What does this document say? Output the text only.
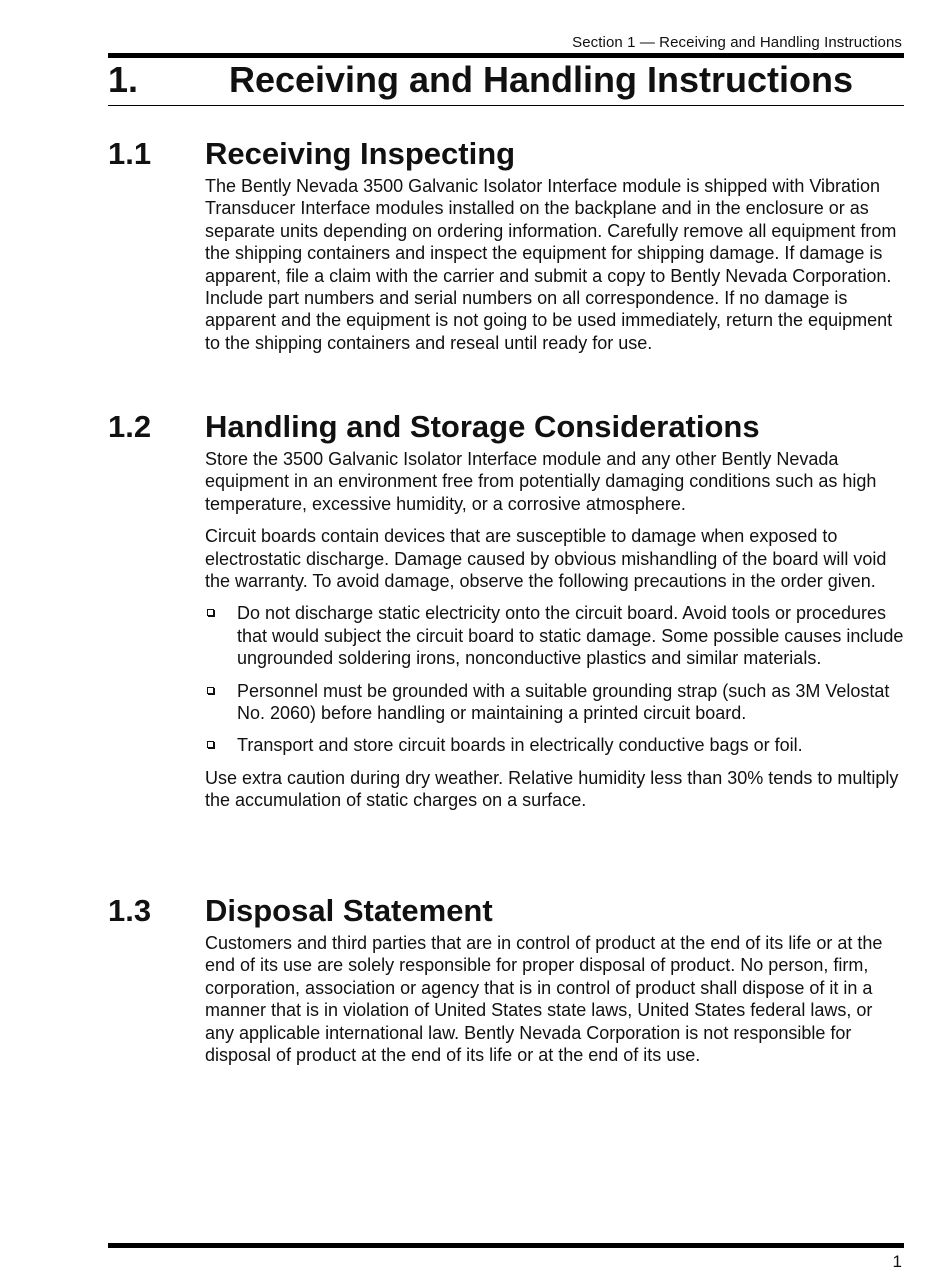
Section 1 — Receiving and Handling Instructions
1.	Receiving and Handling Instructions
1.1 Receiving Inspecting

The Bently Nevada 3500 Galvanic Isolator Interface module is shipped with Vibration Transducer Interface modules installed on the backplane and in the enclosure or as separate units depending on ordering information. Carefully remove all equipment from the shipping containers and inspect the equipment for shipping damage. If damage is apparent, file a claim with the carrier and submit a copy to Bently Nevada Corporation. Include part numbers and serial numbers on all correspondence. If no damage is apparent and the equipment is not going to be used immediately, return the equipment to the shipping containers and reseal until ready for use.

1.2 Handling and Storage Considerations

Store the 3500 Galvanic Isolator Interface module and any other Bently Nevada equipment in an environment free from potentially damaging conditions such as high temperature, excessive humidity, or a corrosive atmosphere.

Circuit boards contain devices that are susceptible to damage when exposed to electrostatic discharge. Damage caused by obvious mishandling of the board will void the warranty. To avoid damage, observe the following precautions in the order given.

Do not discharge static electricity onto the circuit board. Avoid tools or procedures that would subject the circuit board to static damage. Some possible causes include ungrounded soldering irons, nonconductive plastics and similar materials.
Personnel must be grounded with a suitable grounding strap (such as 3M Velostat No. 2060) before handling or maintaining a printed circuit board.
Transport and store circuit boards in electrically conductive bags or foil.

Use extra caution during dry weather. Relative humidity less than 30% tends to multiply the accumulation of static charges on a surface.

1.3 Disposal Statement

Customers and third parties that are in control of product at the end of its life or at the end of its use are solely responsible for proper disposal of product. No person, firm, corporation, association or agency that is in control of product shall dispose of it in a manner that is in violation of United States state laws, United States federal laws, or any applicable international law. Bently Nevada Corporation is not responsible for disposal of product at the end of its life or at the end of its use.

1
